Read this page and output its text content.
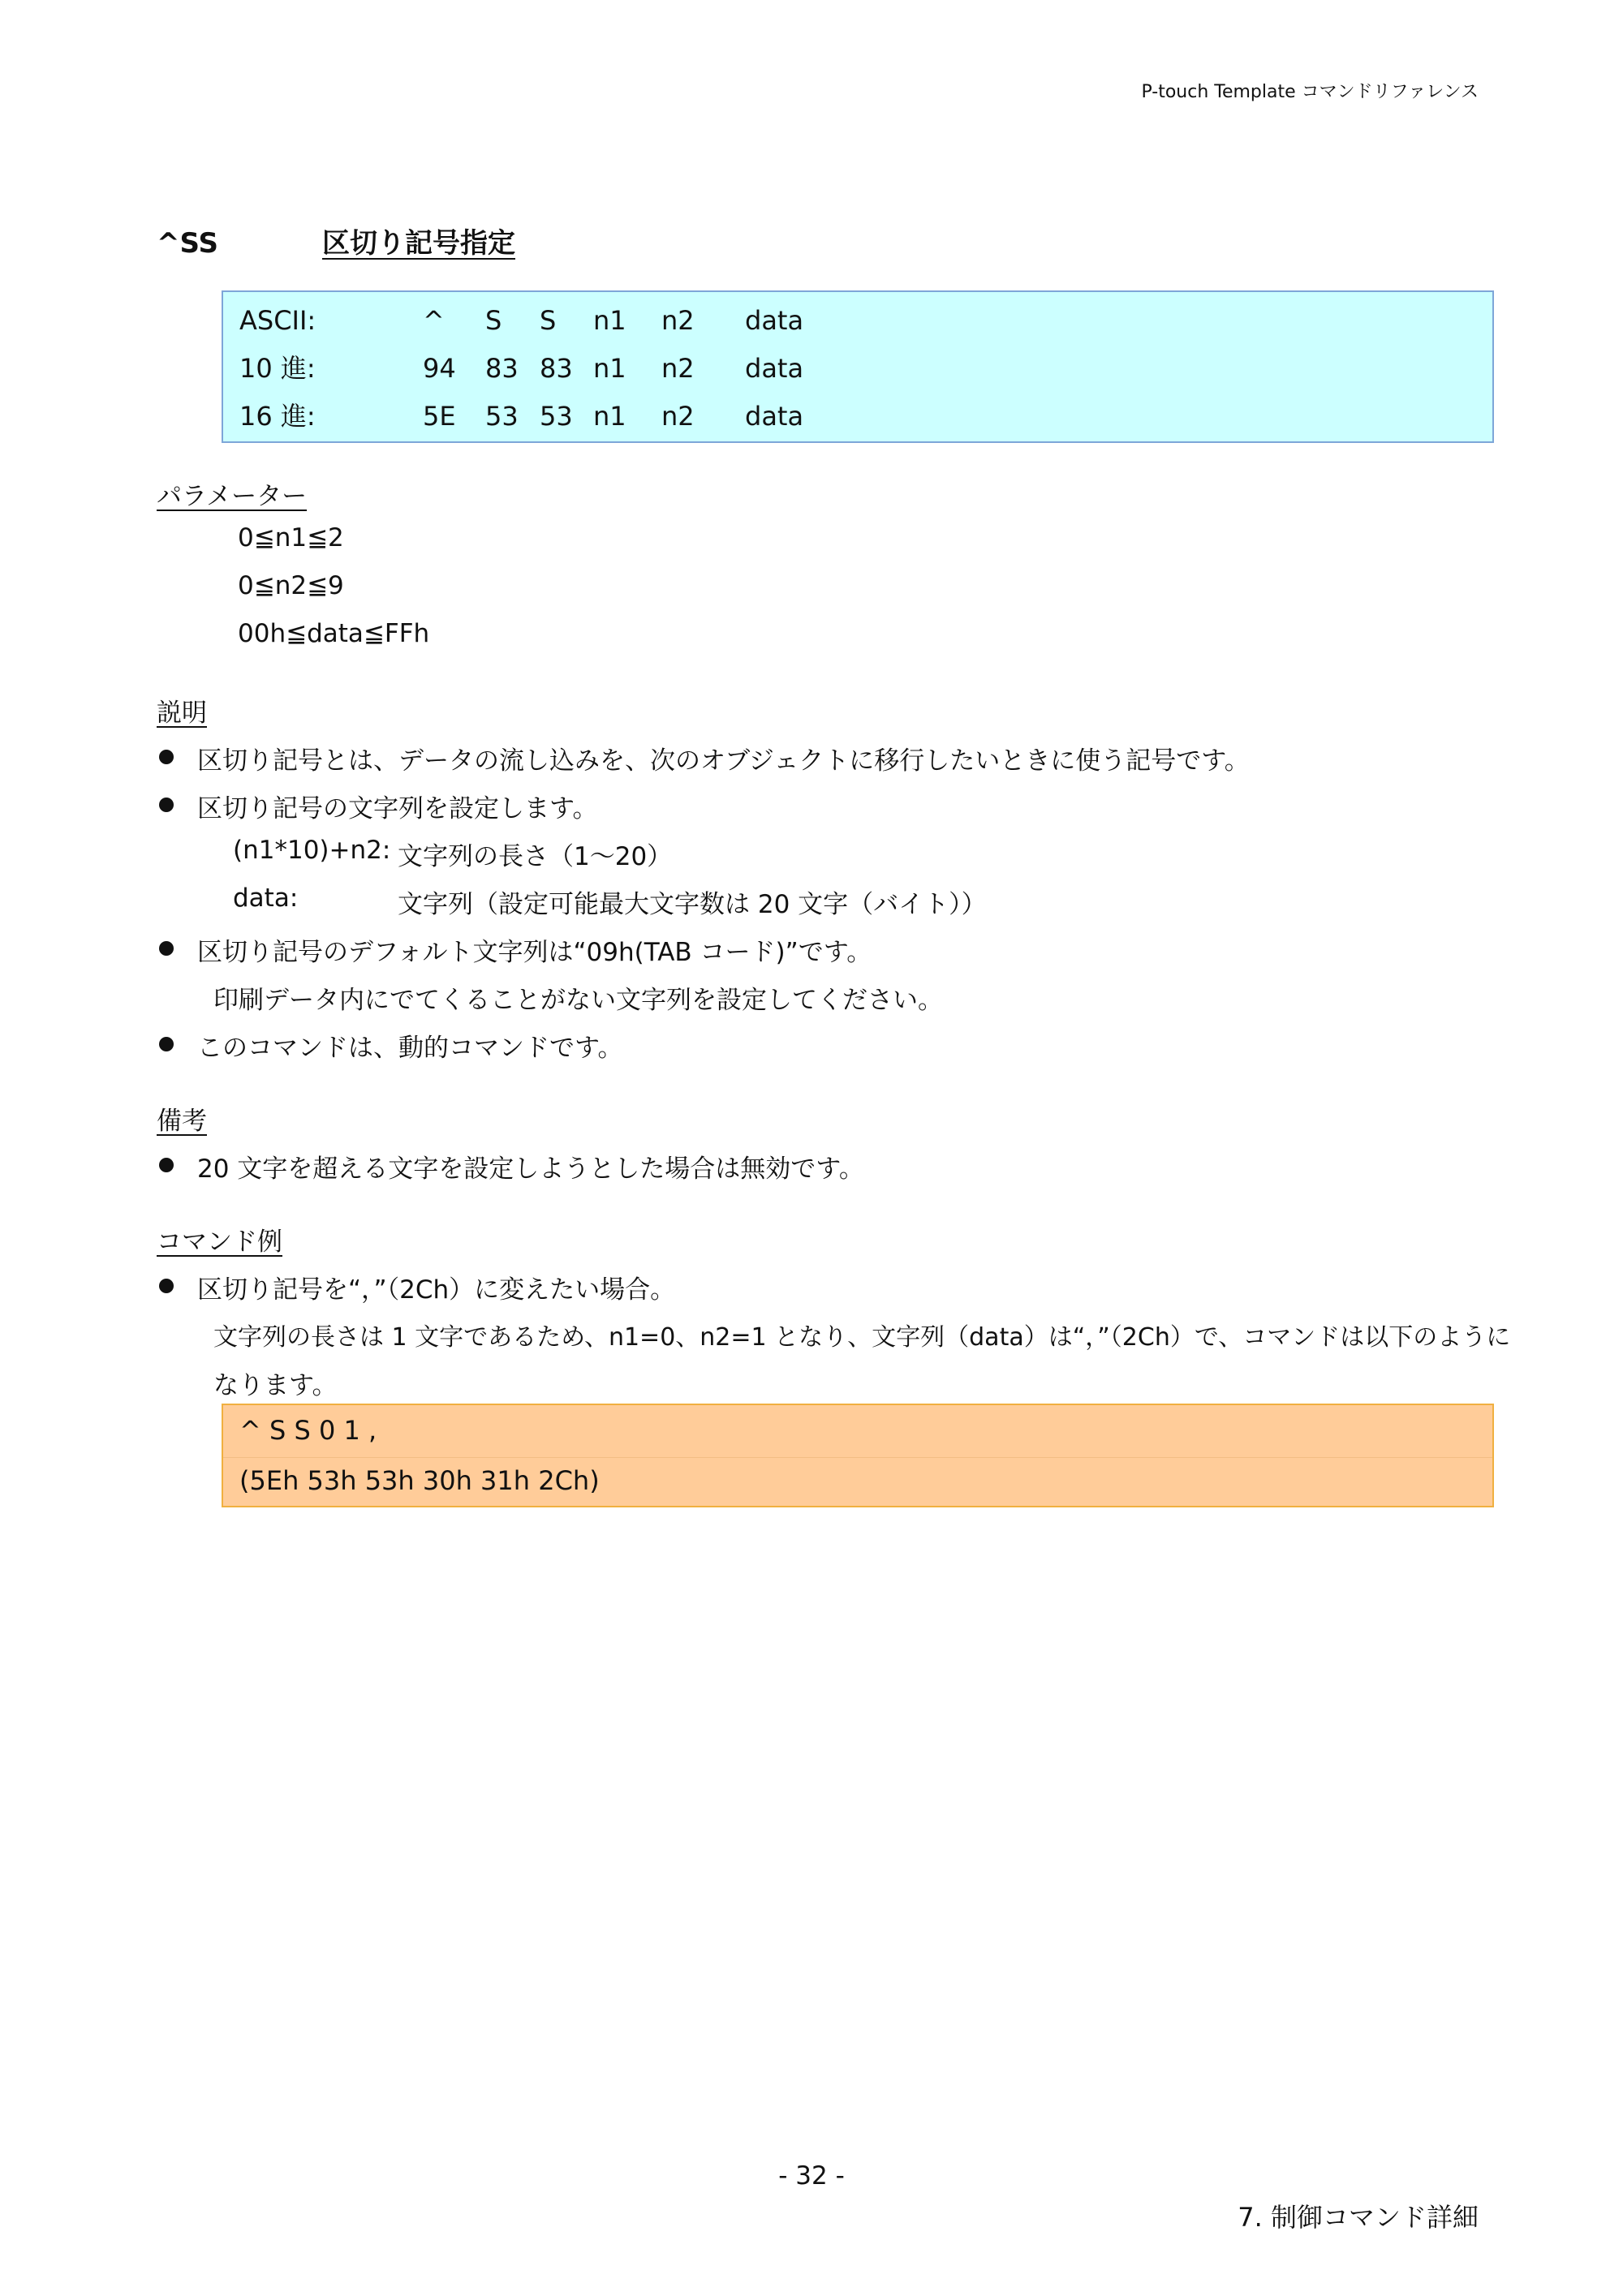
P-touch Template コマンドリファレンス
^SS	区切り記号指定
ASCII:	^ S S n1 n2 data
10 進:	94 83 83 n1 n2 data
16 進:	5E 53 53 n1 n2 data
パラメーター
0≦n1≦2
0≦n2≦9
00h≦data≦FFh
説明
区切り記号とは、データの流し込みを、次のオブジェクトに移行したいときに使う記号です。
区切り記号の文字列を設定します。
(n1*10)+n2: 文字列の長さ（1～20）
data:	文字列（設定可能最大文字数は 20 文字（バイト））
区切り記号のデフォルト文字列は“09h(TAB コード)”です。
印刷データ内にでてくることがない文字列を設定してください。
このコマンドは、動的コマンドです。
備考
20 文字を超える文字を設定しようとした場合は無効です。
コマンド例
区切り記号を“，”（2Ch）に変えたい場合。
文字列の長さは 1 文字であるため、n1=0、n2=1 となり、文字列（data）は“，”（2Ch）で、コマンドは以下のように
なります。
^ S S 0 1 ,
(5Eh 53h 53h 30h 31h 2Ch)
- 32 -
7. 制御コマンド詳細
